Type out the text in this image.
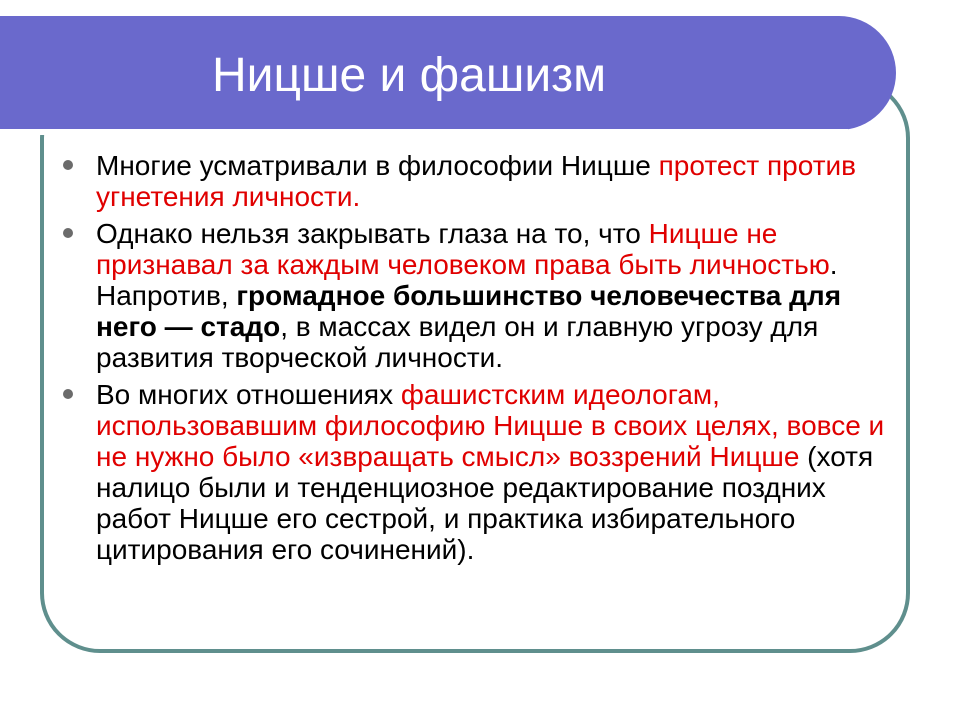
Ницше и фашизм
Многие усматривали в философии Ницше протест против угнетения личности.
Однако нельзя закрывать глаза на то, что Ницше не признавал за каждым человеком права быть личностью. Напротив, громадное большинство человечества для него — стадо, в массах видел он и главную угрозу для развития творческой личности.
Во многих отношениях фашистским идеологам, использовавшим философию Ницше в своих целях, вовсе и не нужно было «извращать смысл» воззрений Ницше (хотя налицо были и тенденциозное редактирование поздних работ Ницше его сестрой, и практика избирательного цитирования его сочинений).
